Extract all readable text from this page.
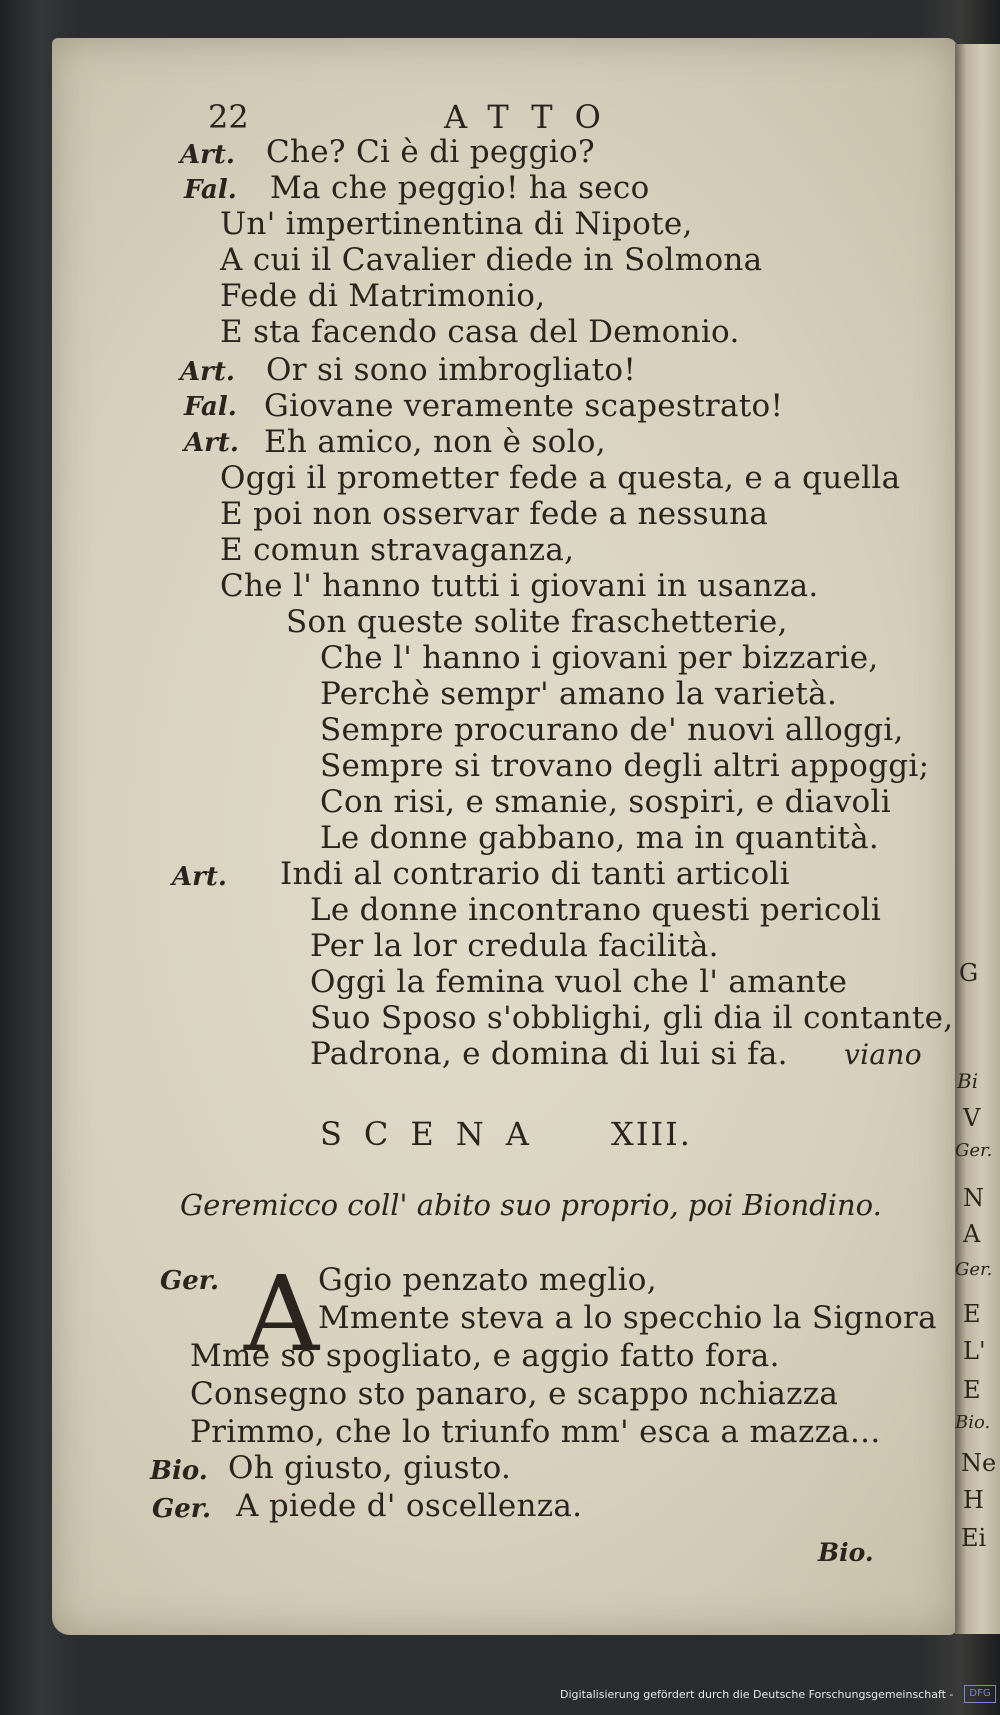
G
Bi
V
Ger.
N
A
Ger.
E
L'
E
Bio.
Ne
H
Ei
22	ATTO
Art. Che? Ci è di peggio?
Fal. Ma che peggio! ha seco
Un' impertinentina di Nipote,
A cui il Cavalier diede in Solmona
Fede di Matrimonio,
E sta facendo casa del Demonio.
Art. Or si sono imbrogliato!
Fal. Giovane veramente scapestrato!
Art. Eh amico, non è solo,
Oggi il prometter fede a questa, e a quella
E poi non osservar fede a nessuna
E comun stravaganza,
Che l' hanno tutti i giovani in usanza.
Son queste solite fraschetterie,
Che l' hanno i giovani per bizzarie,
Perchè sempr' amano la varietà.
Sempre procurano de' nuovi alloggi,
Sempre si trovano degli altri appoggi;
Con risi, e smanie, sospiri, e diavoli
Le donne gabbano, ma in quantità.
Art. Indi al contrario di tanti articoli
Le donne incontrano questi pericoli
Per la lor credula facilità.
Oggi la femina vuol che l' amante
Suo Sposo s'obblighi, gli dia il contante,
Padrona, e domina di lui si fa. viano
SCENA XIII.
Geremicco coll' abito suo proprio, poi Biondino.
Ger. A
Ggio penzato meglio,
Mmente steva a lo specchio la Signora
Mme so spogliato, e aggio fatto fora.
Consegno sto panaro, e scappo nchiazza
Primmo, che lo triunfo mm' esca a mazza...
Bio. Oh giusto, giusto.
Ger. A piede d' oscellenza.
Bio.
Digitalisierung gefördert durch die Deutsche Forschungsgemeinschaft -	DFG
